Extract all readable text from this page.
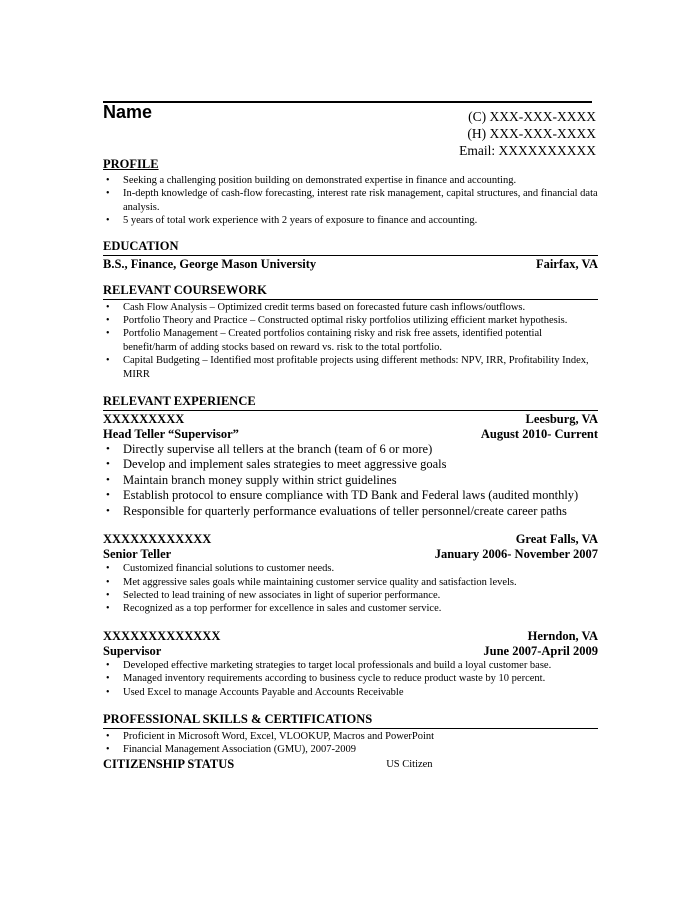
Name	(C) XXX-XXX-XXXX
(H) XXX-XXX-XXXX
Email: XXXXXXXXXX
PROFILE
• Seeking a challenging position building on demonstrated expertise in finance and accounting.
• In-depth knowledge of cash-flow forecasting, interest rate risk management, capital structures, and financial data analysis.
• 5 years of total work experience with 2 years of exposure to finance and accounting.
EDUCATION
B.S., Finance, George Mason University	Fairfax, VA
RELEVANT COURSEWORK
• Cash Flow Analysis – Optimized credit terms based on forecasted future cash inflows/outflows.
• Portfolio Theory and Practice – Constructed optimal risky portfolios utilizing efficient market hypothesis.
• Portfolio Management – Created portfolios containing risky and risk free assets, identified potential benefit/harm of adding stocks based on reward vs. risk to the total portfolio.
• Capital Budgeting – Identified most profitable projects using different methods: NPV, IRR, Profitability Index, MIRR
RELEVANT EXPERIENCE
XXXXXXXXX	Leesburg, VA
Head Teller “Supervisor”	August 2010- Current
• Directly supervise all tellers at the branch (team of 6 or more)
• Develop and implement sales strategies to meet aggressive goals
• Maintain branch money supply within strict guidelines
• Establish protocol to ensure compliance with TD Bank and Federal laws (audited monthly)
• Responsible for quarterly performance evaluations of teller personnel/create career paths
XXXXXXXXXXXX	Great Falls, VA
Senior Teller	January 2006- November 2007
• Customized financial solutions to customer needs.
• Met aggressive sales goals while maintaining customer service quality and satisfaction levels.
• Selected to lead training of new associates in light of superior performance.
• Recognized as a top performer for excellence in sales and customer service.
XXXXXXXXXXXXX	Herndon, VA
Supervisor	June 2007-April 2009
• Developed effective marketing strategies to target local professionals and build a loyal customer base.
• Managed inventory requirements according to business cycle to reduce product waste by 10 percent.
• Used Excel to manage Accounts Payable and Accounts Receivable
PROFESSIONAL SKILLS & CERTIFICATIONS
• Proficient in Microsoft Word, Excel, VLOOKUP, Macros and PowerPoint
• Financial Management Association (GMU), 2007-2009
CITIZENSHIP STATUS	US Citizen
